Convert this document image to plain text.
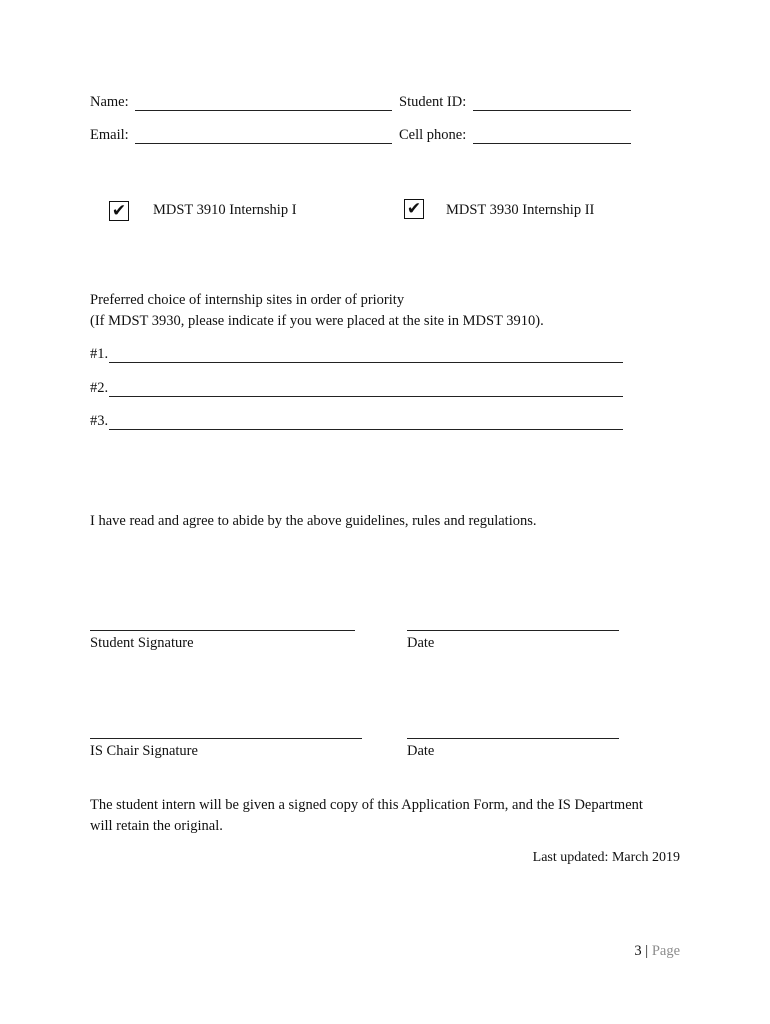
Name:	Student ID:
Email:	Cell phone:
✔ MDST 3910 Internship I	✔ MDST 3930 Internship II
Preferred choice of internship sites in order of priority
(If MDST 3930, please indicate if you were placed at the site in MDST 3910).
#1.
#2.
#3.
I have read and agree to abide by the above guidelines, rules and regulations.
Student Signature	Date
IS Chair Signature	Date
The student intern will be given a signed copy of this Application Form, and the IS Department
will retain the original.
Last updated: March 2019
3 | Page
